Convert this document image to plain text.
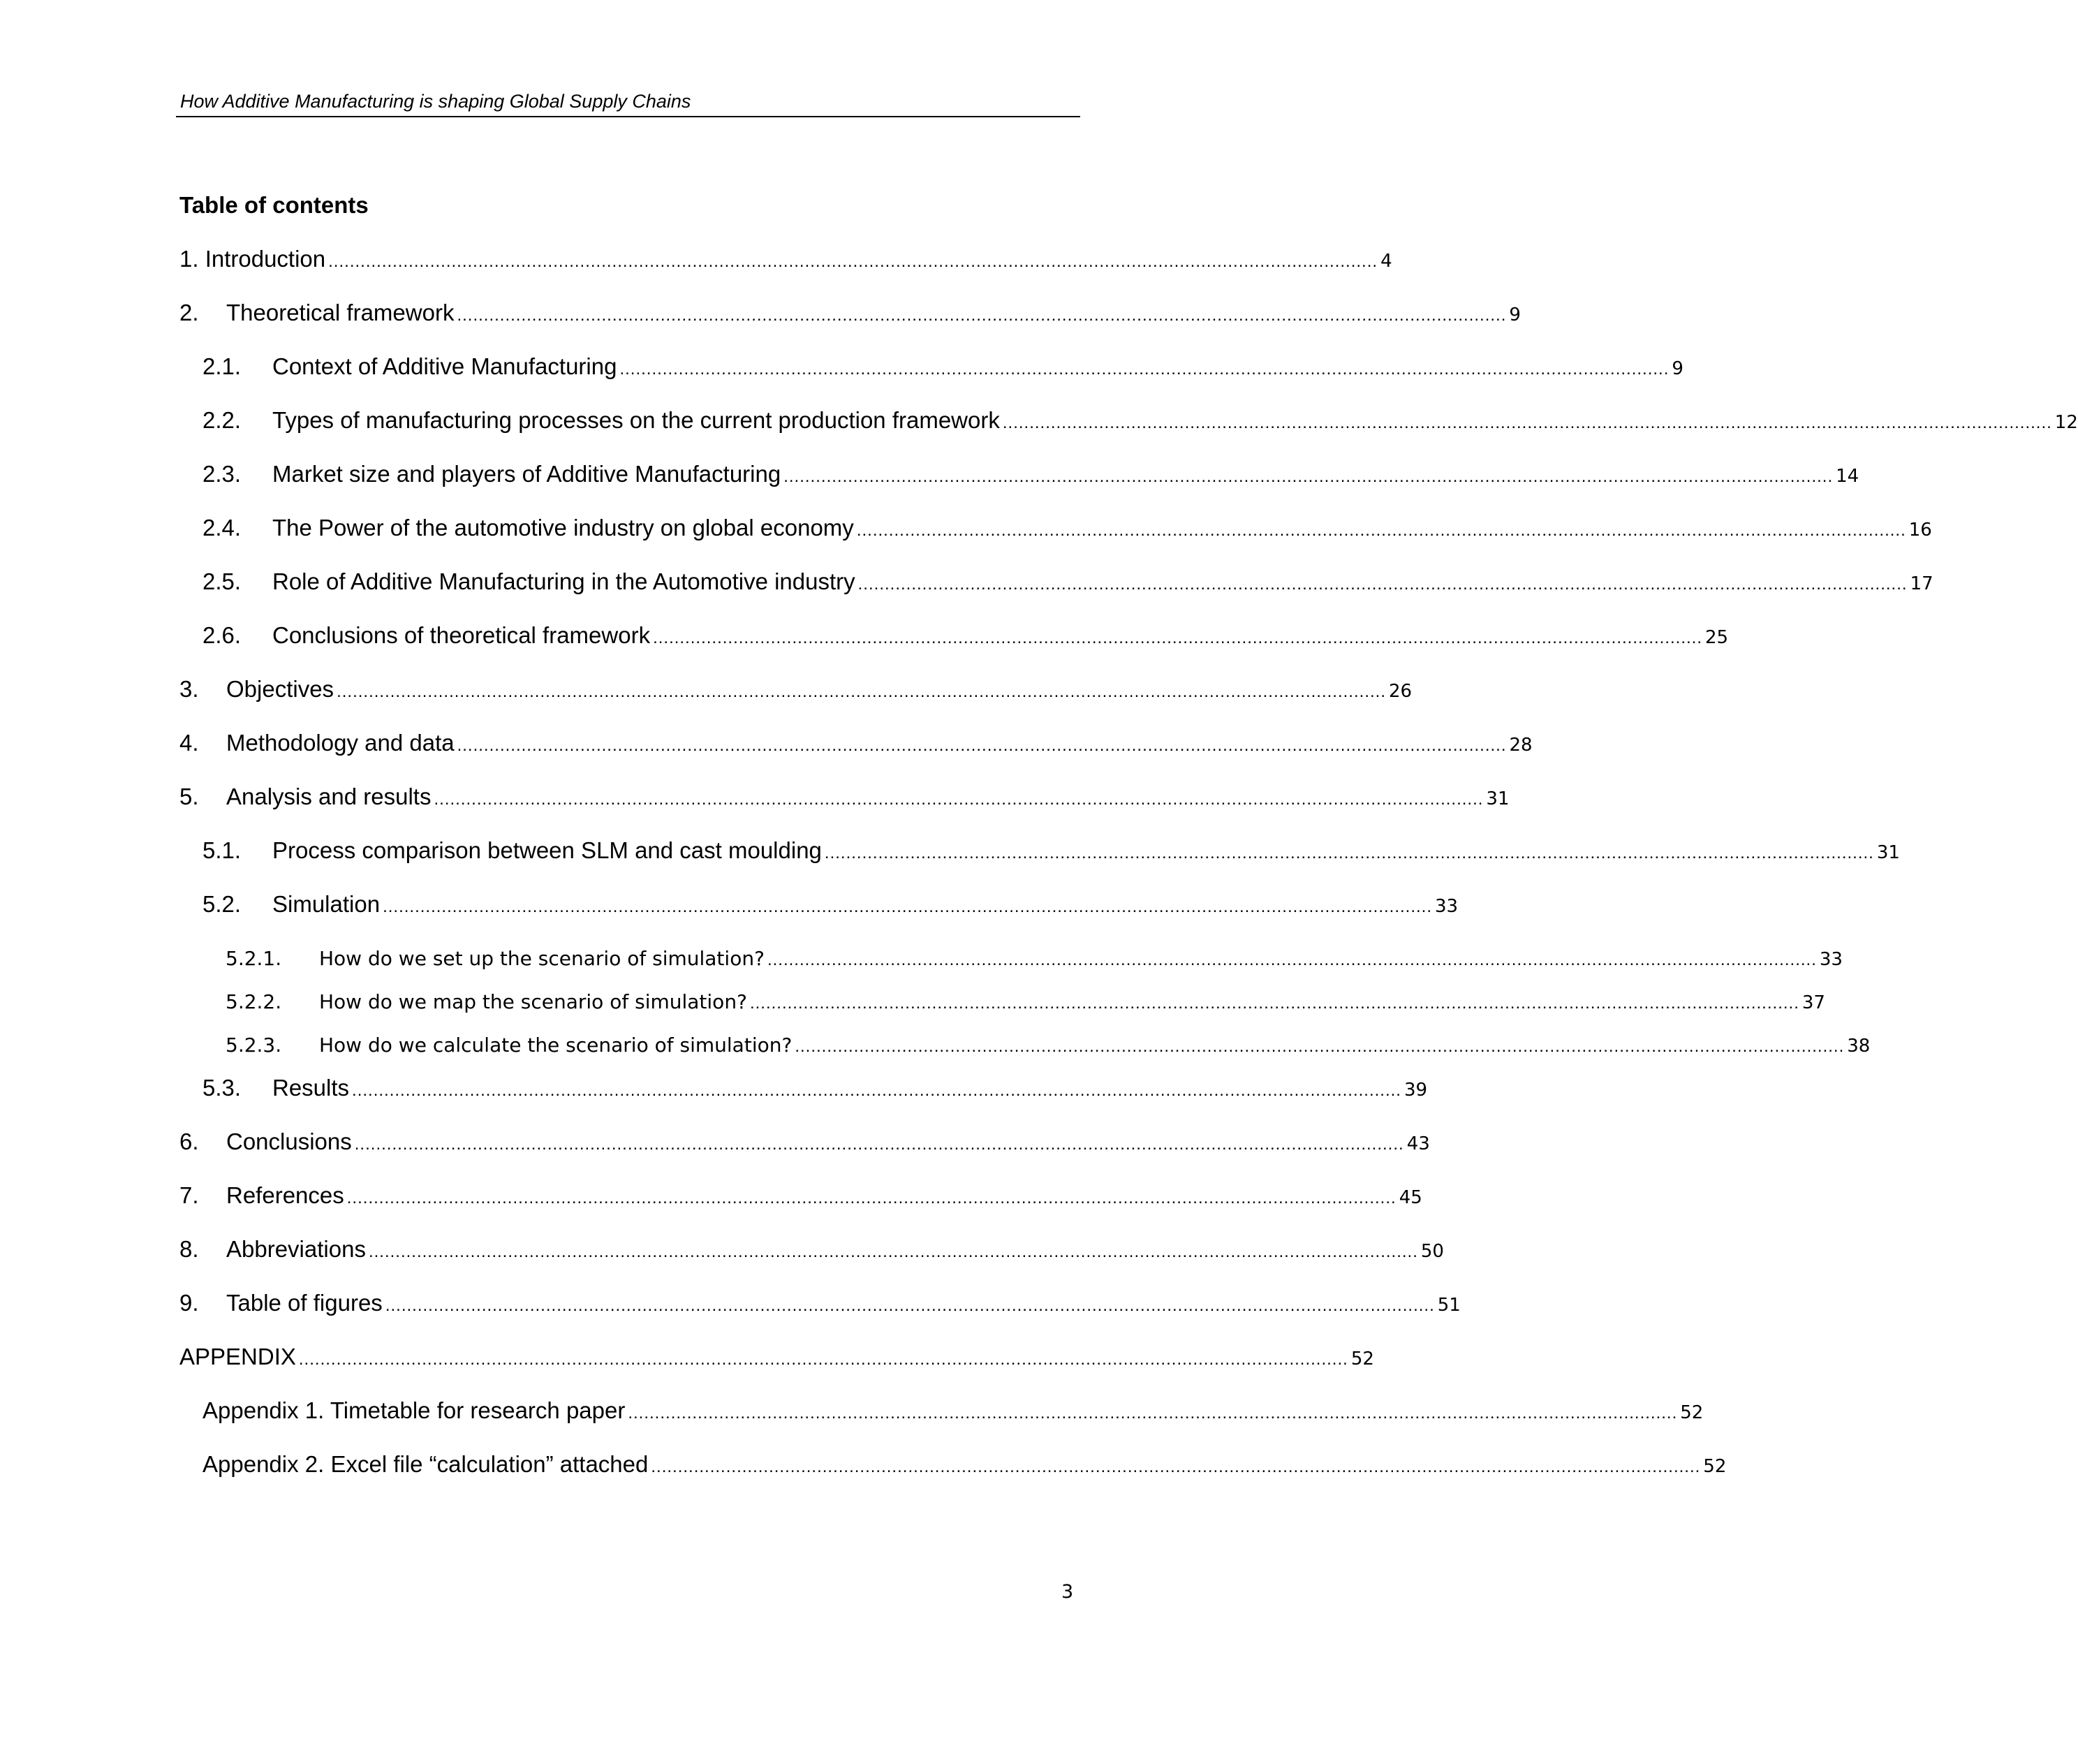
How Additive Manufacturing is shaping Global Supply Chains
Table of contents
1. Introduction .................................................................................................................................................................................................... 4
2.	Theoretical framework .................................................................................................................................................................................................... 9
2.1.	Context of Additive Manufacturing .................................................................................................................................................................................................... 9
2.2.	Types of manufacturing processes on the current production framework .................................................................................................................................................................................................... 12
2.3.	Market size and players of Additive Manufacturing .................................................................................................................................................................................................... 14
2.4.	The Power of the automotive industry on global economy .................................................................................................................................................................................................... 16
2.5.	Role of Additive Manufacturing in the Automotive industry .................................................................................................................................................................................................... 17
2.6.	Conclusions of theoretical framework .................................................................................................................................................................................................... 25
3.	Objectives .................................................................................................................................................................................................... 26
4.	Methodology and data .................................................................................................................................................................................................... 28
5.	Analysis and results .................................................................................................................................................................................................... 31
5.1.	Process comparison between SLM and cast moulding .................................................................................................................................................................................................... 31
5.2.	Simulation .................................................................................................................................................................................................... 33
5.2.1.	How do we set up the scenario of simulation? .................................................................................................................................................................................................... 33
5.2.2.	How do we map the scenario of simulation? .................................................................................................................................................................................................... 37
5.2.3.	How do we calculate the scenario of simulation? .................................................................................................................................................................................................... 38
5.3.	Results .................................................................................................................................................................................................... 39
6.	Conclusions .................................................................................................................................................................................................... 43
7.	References .................................................................................................................................................................................................... 45
8.	Abbreviations .................................................................................................................................................................................................... 50
9.	Table of figures .................................................................................................................................................................................................... 51
APPENDIX .................................................................................................................................................................................................... 52
Appendix 1. Timetable for research paper .................................................................................................................................................................................................... 52
Appendix 2. Excel file “calculation” attached .................................................................................................................................................................................................... 52
3
